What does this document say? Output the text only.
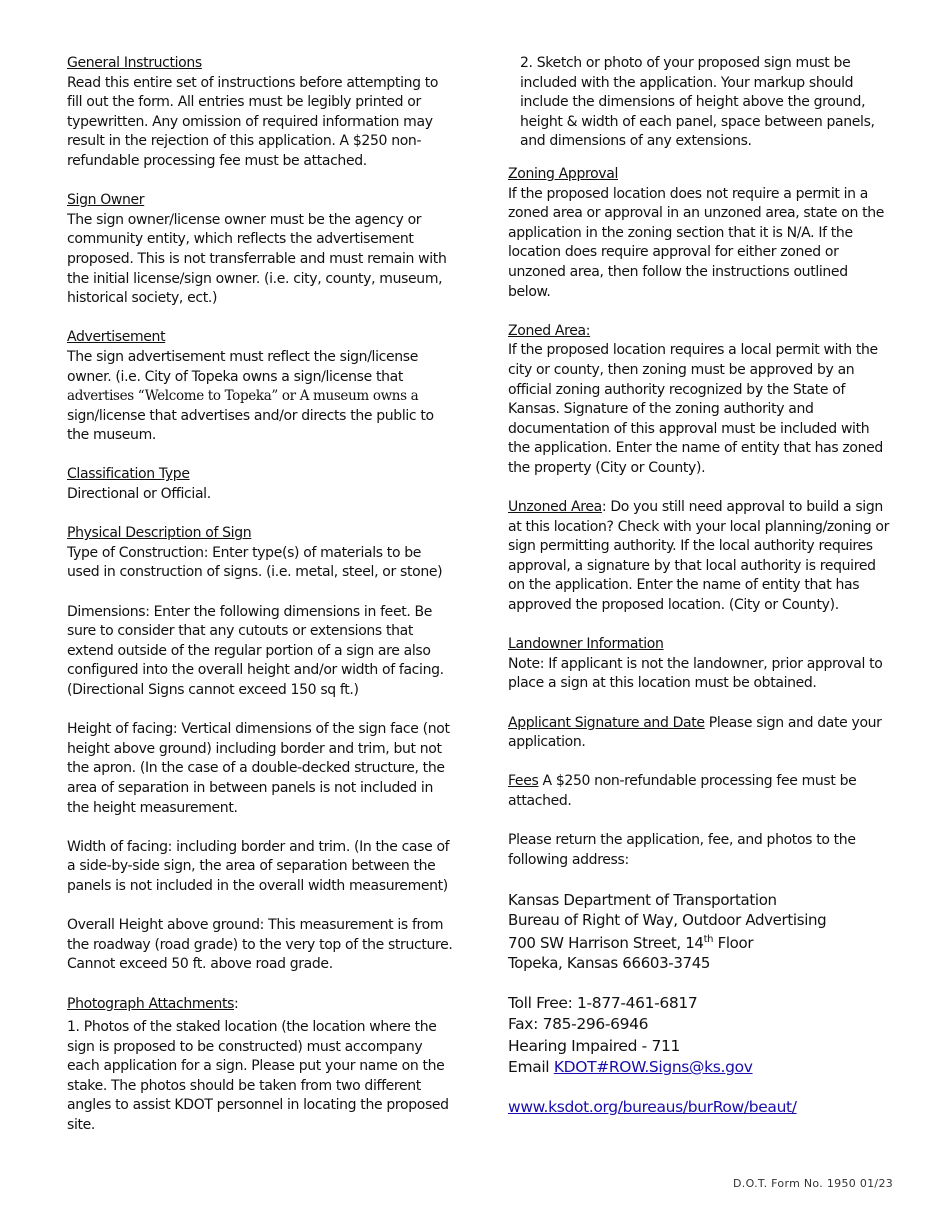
General Instructions
Read this entire set of instructions before attempting to fill out the form. All entries must be legibly printed or typewritten. Any omission of required information may result in the rejection of this application. A $250 non-refundable processing fee must be attached.
Sign Owner
The sign owner/license owner must be the agency or community entity, which reflects the advertisement proposed. This is not transferrable and must remain with the initial license/sign owner. (i.e. city, county, museum, historical society, ect.)
Advertisement
The sign advertisement must reflect the sign/license owner. (i.e. City of Topeka owns a sign/license that advertises “Welcome to Topeka” or A museum owns a sign/license that advertises and/or directs the public to the museum.
Classification Type
Directional or Official.
Physical Description of Sign
Type of Construction: Enter type(s) of materials to be used in construction of signs. (i.e. metal, steel, or stone)
Dimensions: Enter the following dimensions in feet. Be sure to consider that any cutouts or extensions that extend outside of the regular portion of a sign are also configured into the overall height and/or width of facing. (Directional Signs cannot exceed 150 sq ft.)
Height of facing: Vertical dimensions of the sign face (not height above ground) including border and trim, but not the apron. (In the case of a double-decked structure, the area of separation in between panels is not included in the height measurement.
Width of facing: including border and trim. (In the case of a side-by-side sign, the area of separation between the panels is not included in the overall width measurement)
Overall Height above ground: This measurement is from the roadway (road grade) to the very top of the structure. Cannot exceed 50 ft. above road grade.
Photograph Attachments:
1. Photos of the staked location (the location where the sign is proposed to be constructed) must accompany each application for a sign. Please put your name on the stake. The photos should be taken from two different angles to assist KDOT personnel in locating the proposed site.
2. Sketch or photo of your proposed sign must be included with the application. Your markup should include the dimensions of height above the ground, height & width of each panel, space between panels, and dimensions of any extensions.
Zoning Approval
If the proposed location does not require a permit in a zoned area or approval in an unzoned area, state on the application in the zoning section that it is N/A. If the location does require approval for either zoned or unzoned area, then follow the instructions outlined below.
Zoned Area:
If the proposed location requires a local permit with the city or county, then zoning must be approved by an official zoning authority recognized by the State of Kansas. Signature of the zoning authority and documentation of this approval must be included with the application. Enter the name of entity that has zoned the property (City or County).
Unzoned Area: Do you still need approval to build a sign at this location? Check with your local planning/zoning or sign permitting authority. If the local authority requires approval, a signature by that local authority is required on the application. Enter the name of entity that has approved the proposed location. (City or County).
Landowner Information
Note: If applicant is not the landowner, prior approval to place a sign at this location must be obtained.
Applicant Signature and Date Please sign and date your application.
Fees A $250 non-refundable processing fee must be attached.
Please return the application, fee, and photos to the following address:
Kansas Department of Transportation
Bureau of Right of Way, Outdoor Advertising
700 SW Harrison Street, 14th Floor
Topeka, Kansas 66603-3745
Toll Free: 1-877-461-6817
Fax: 785-296-6946
Hearing Impaired - 711
Email KDOT#ROW.Signs@ks.gov
www.ksdot.org/bureaus/burRow/beaut/
D.O.T. Form No. 1950 01/23
